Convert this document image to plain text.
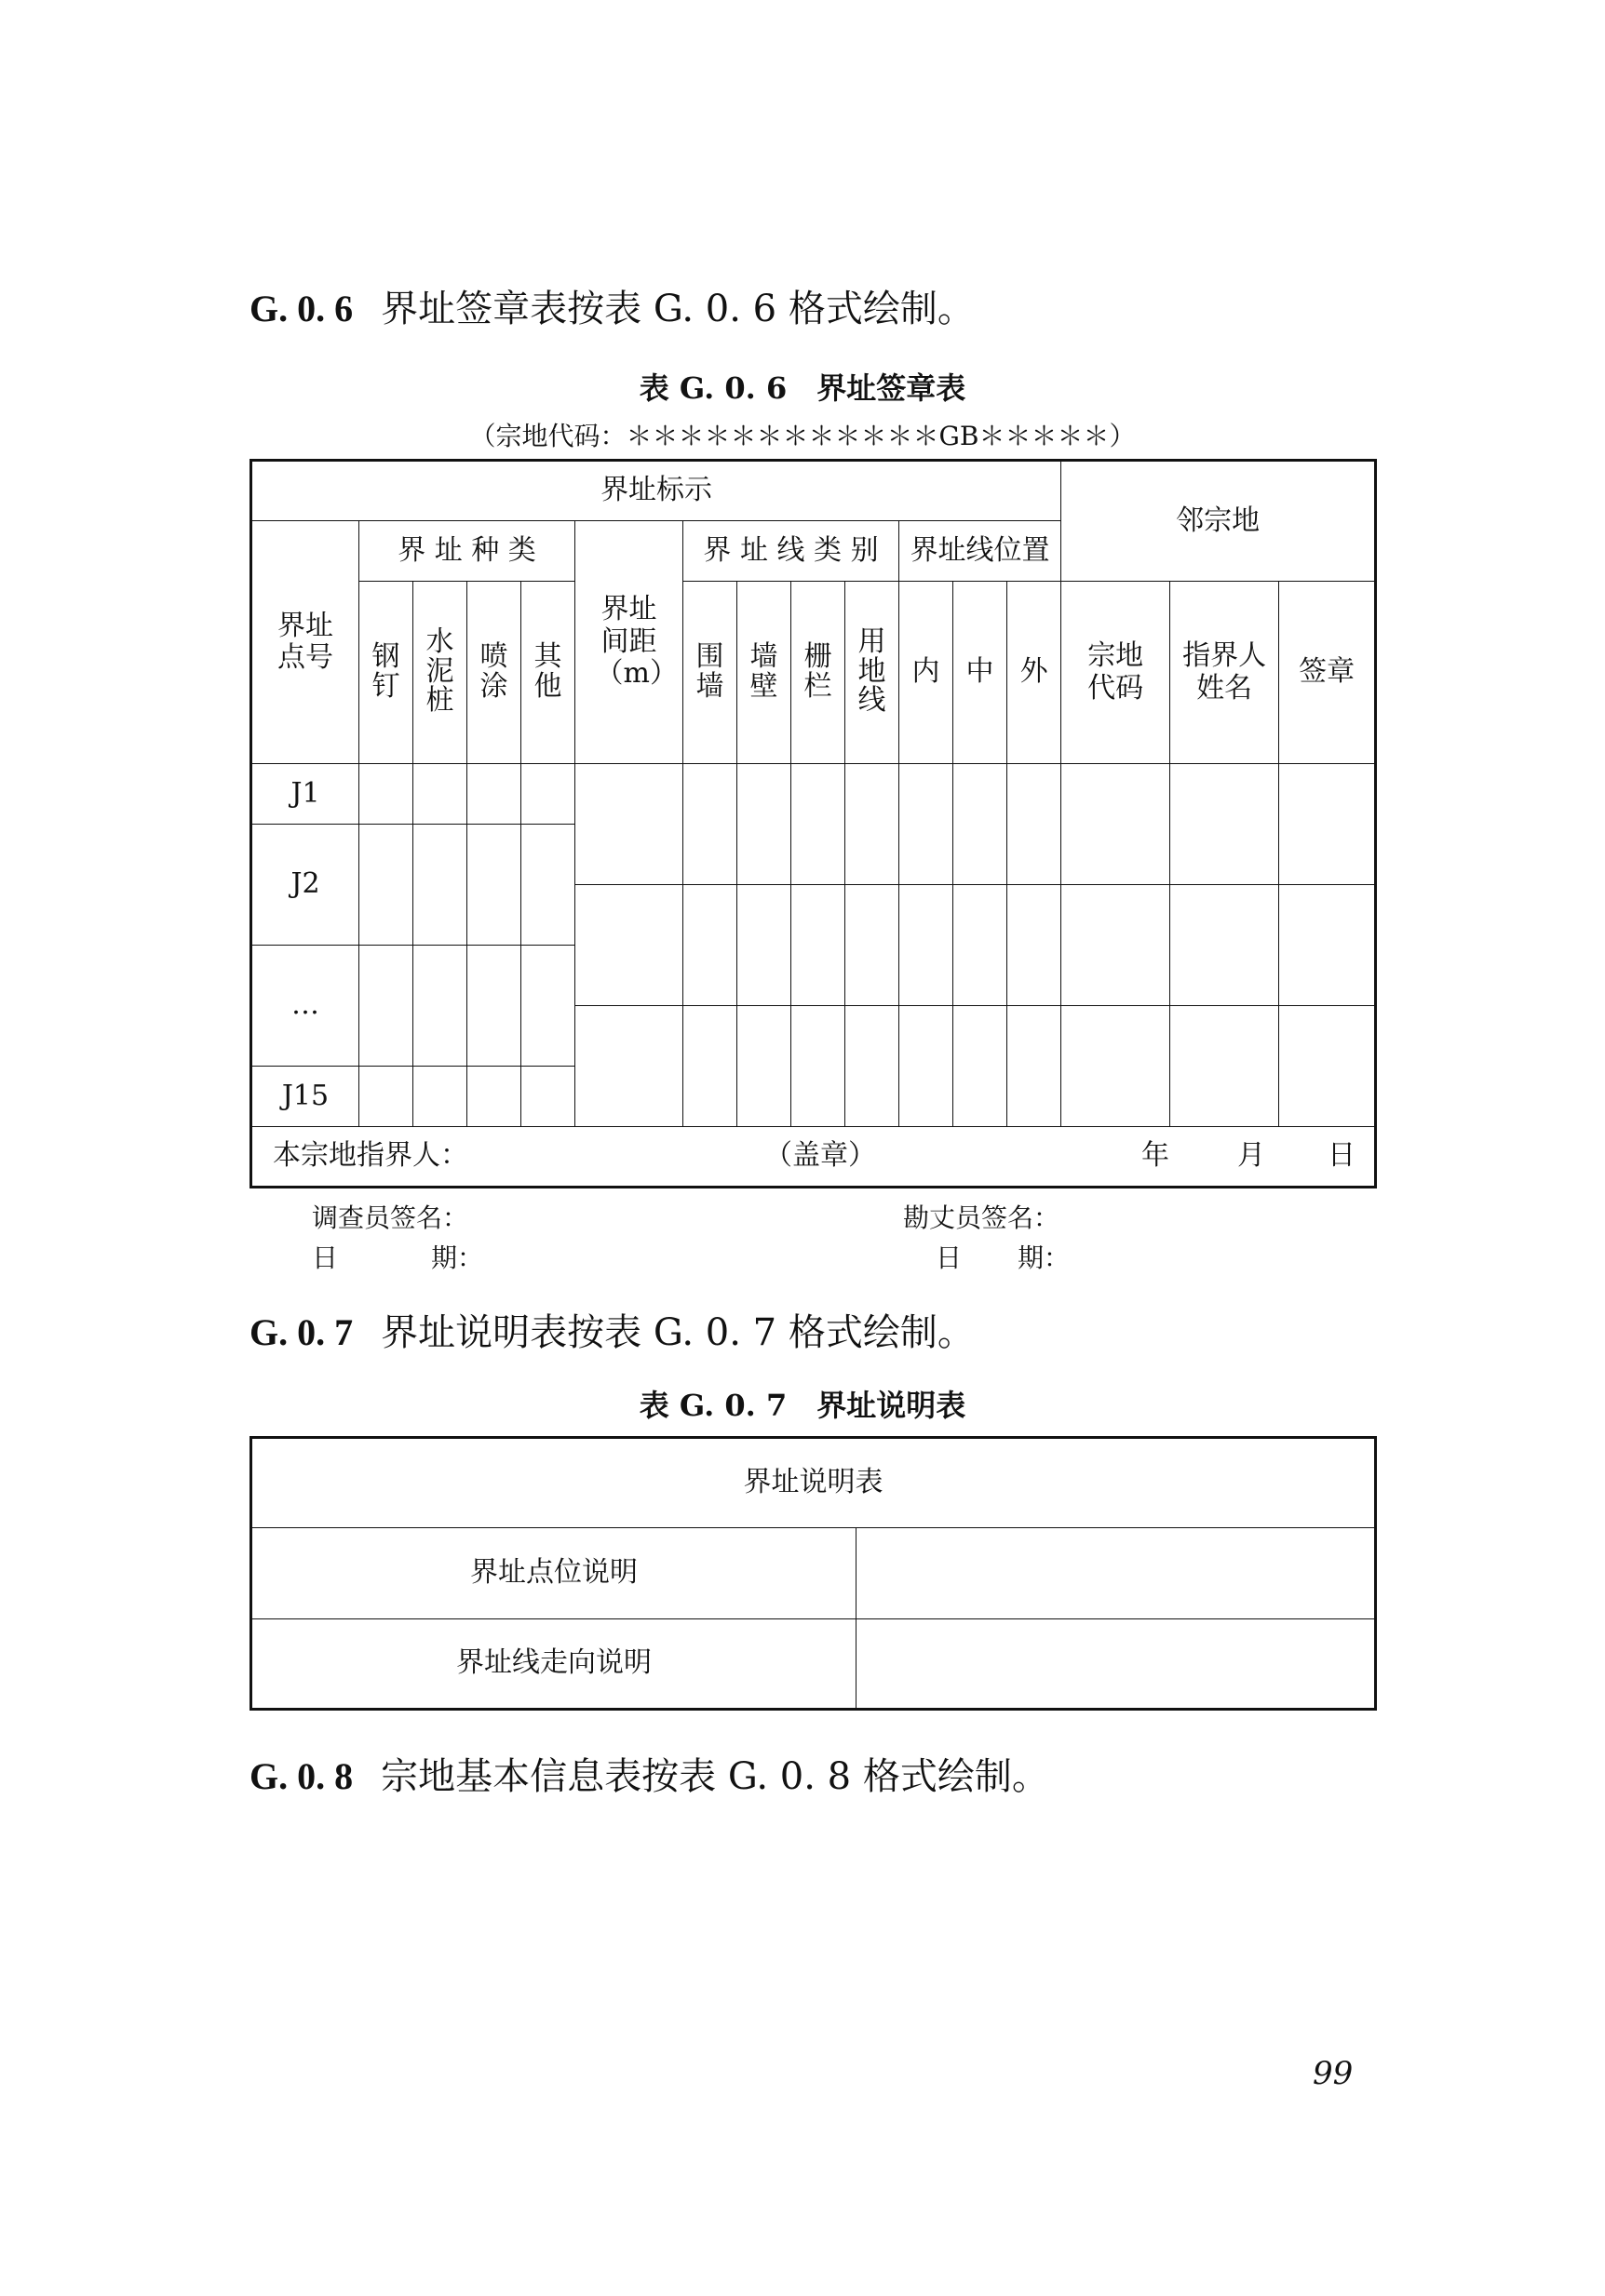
G. 0. 6 界址签章表按表 G. 0. 6 格式绘制。
表 G. 0. 6　界址签章表
（宗地代码：＊＊＊＊＊＊＊＊＊＊＊＊GB＊＊＊＊＊）
界址标示													邻宗地		
界址点号	界 址 种 类				界址间距（m）	界 址 线 类 别				界址线位置					
	钢钉	水泥桩	喷涂	其他		围墙	墙壁	栅栏	用地线	内	中	外	宗地代码	指界人姓名	签章
J1															
J2															

…															

J15															
本宗地指界人： （盖章） 年 月 日															
调查员签名：
日	期：
勘丈员签名：
日 期：
G. 0. 7 界址说明表按表 G. 0. 7 格式绘制。
表 G. 0. 7　界址说明表
界址说明表	
界址点位说明	
界址线走向说明	
G. 0. 8 宗地基本信息表按表 G. 0. 8 格式绘制。
99
